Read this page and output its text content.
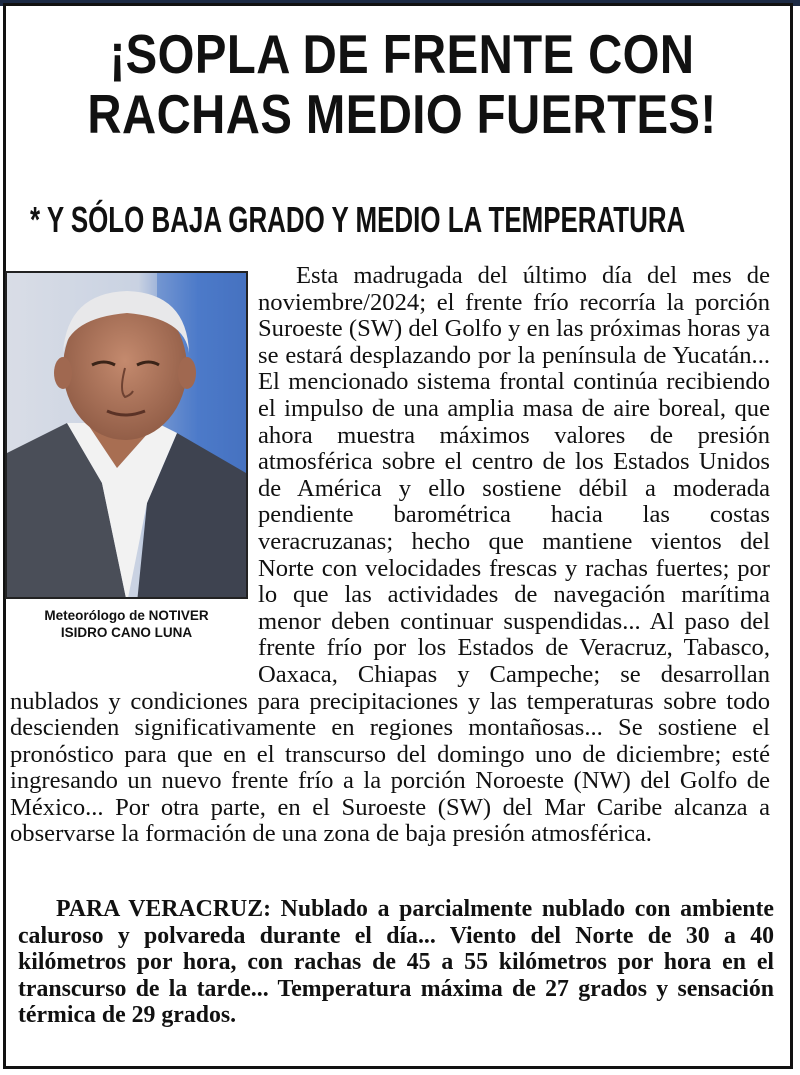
¡SOPLA DE FRENTE CON RACHAS MEDIO FUERTES!
* Y SÓLO BAJA GRADO Y MEDIO LA TEMPERATURA
Meteorólogo de NOTIVER
ISIDRO CANO LUNA

Esta madrugada del último día del mes de noviembre/2024; el frente frío recorría la porción Suroeste (SW) del Golfo y en las próximas horas ya se estará desplazando por la península de Yucatán... El mencionado sistema frontal continúa recibiendo el impulso de una amplia masa de aire boreal, que ahora muestra máximos valores de presión atmosférica sobre el centro de los Estados Unidos de América y ello sostiene débil a moderada pendiente barométrica hacia las costas veracruzanas; hecho que mantiene vientos del Norte con velocidades frescas y rachas fuertes; por lo que las actividades de navegación marítima menor deben continuar suspendidas... Al paso del frente frío por los Estados de Veracruz, Tabasco, Oaxaca, Chiapas y Campeche; se desarrollan nublados y condiciones para precipitaciones y las temperaturas sobre todo descienden significativamente en regiones montañosas... Se sostiene el pronóstico para que en el transcurso del domingo uno de diciembre; esté ingresando un nuevo frente frío a la porción Noroeste (NW) del Golfo de México... Por otra parte, en el Suroeste (SW) del Mar Caribe alcanza a observarse la formación de una zona de baja presión atmosférica.

PARA VERACRUZ: Nublado a parcialmente nublado con ambiente caluroso y polvareda durante el día... Viento del Norte de 30 a 40 kilómetros por hora, con rachas de 45 a 55 kilómetros por hora en el transcurso de la tarde... Temperatura máxima de 27 grados y sensación térmica de 29 grados.
